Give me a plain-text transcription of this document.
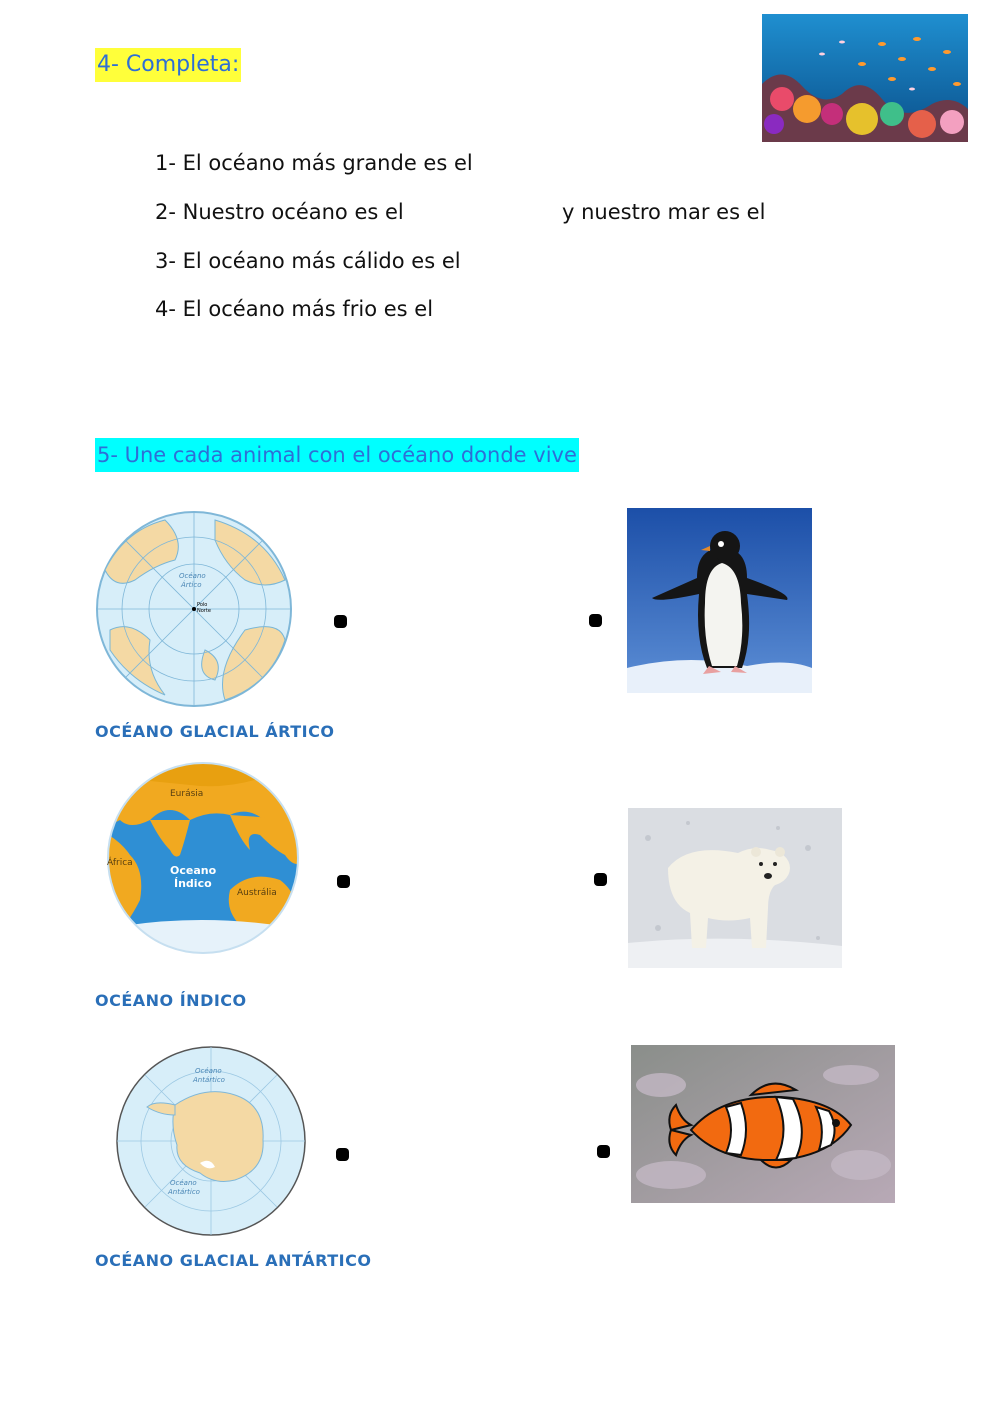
4- Completa:
1- El océano más grande es el
2- Nuestro océano es el	y nuestro mar es el
3- El océano más cálido es el
4- El océano más frio es el
5- Une cada animal con el océano donde vive
Océano
Ártico
Polo
Norte
OCÉANO GLACIAL ÁRTICO
Eurásia
África
Oceano
Índico
Austrália
OCÉANO ÍNDICO
Océano
Antártico
Océano
Antártico
OCÉANO GLACIAL ANTÁRTICO
